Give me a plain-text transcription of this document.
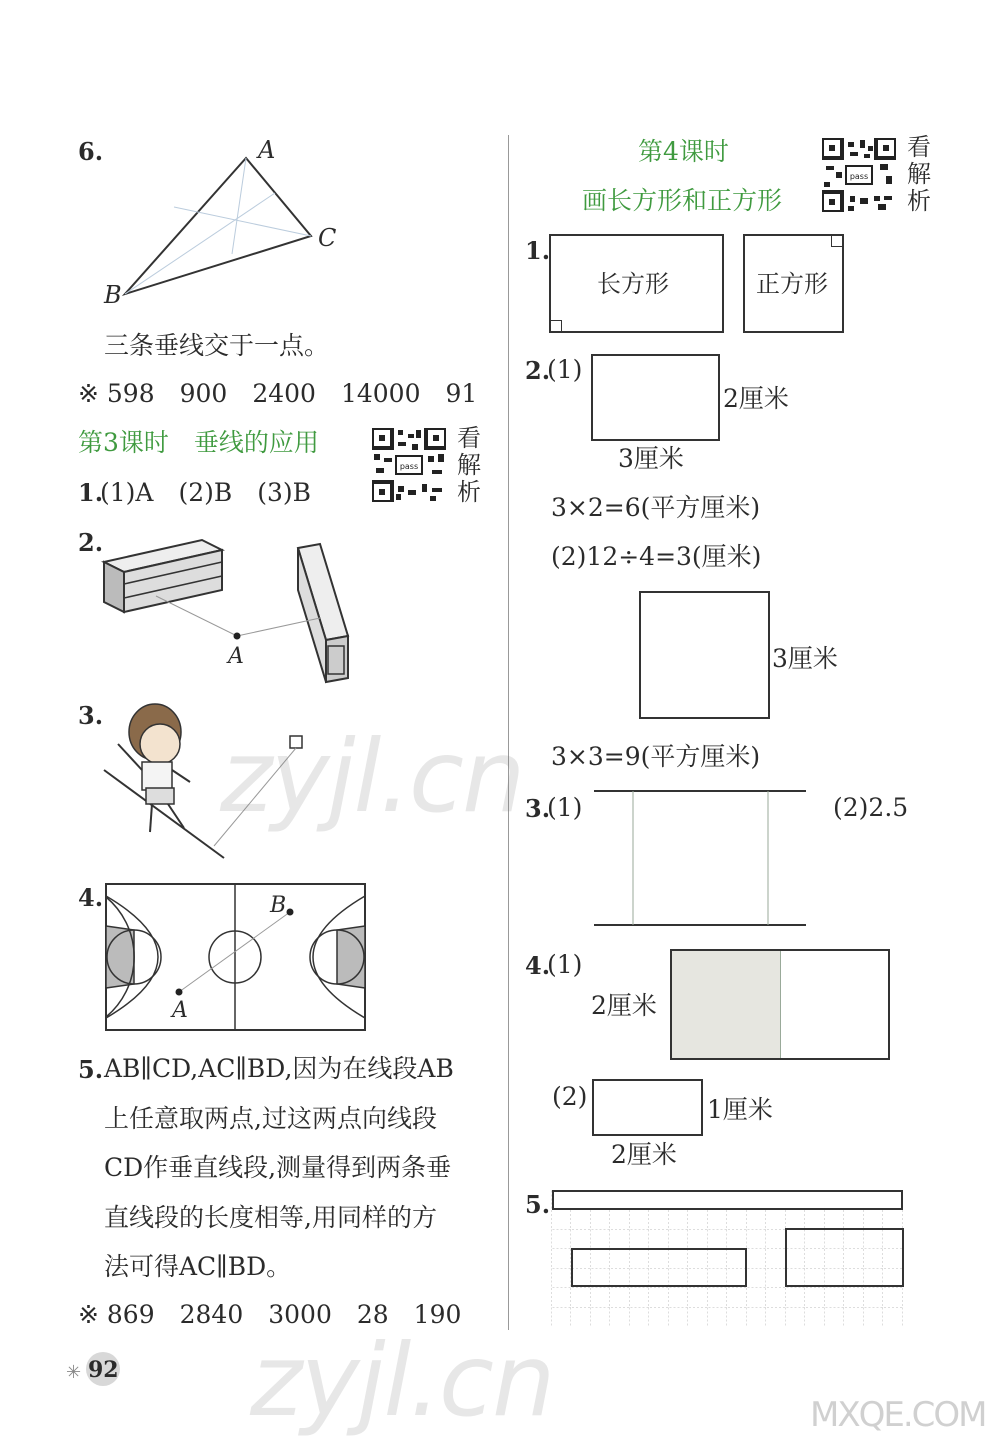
6.	A
C
B
三条垂线交于一点。
※ 598　900　2400　14000　91
第3课时　垂线的应用
pass
看
解
析
1.
(1)A　(2)B　(3)B
2.
A
3.
4.
A
B
5. AB∥CD,AC∥BD,因为在线段AB
上任意取两点,过这两点向线段
CD作垂直线段,测量得到两条垂
直线段的长度相等,用同样的方
法可得AC∥BD。
※ 869　2840　3000　28　190
92
✳
第4课时
画长方形和正方形
pass
看
解
析
1.
长方形	正方形
2.
(1)
2厘米
3厘米
3×2=6(平方厘米)
(2)12÷4=3(厘米)
3厘米
3×3=9(平方厘米)
3.
(1)	(2)2.5
4.
(1)
2厘米
(2)	1厘米
2厘米
5.
zyjl.cn
zyjl.cn	MXQE.COM
